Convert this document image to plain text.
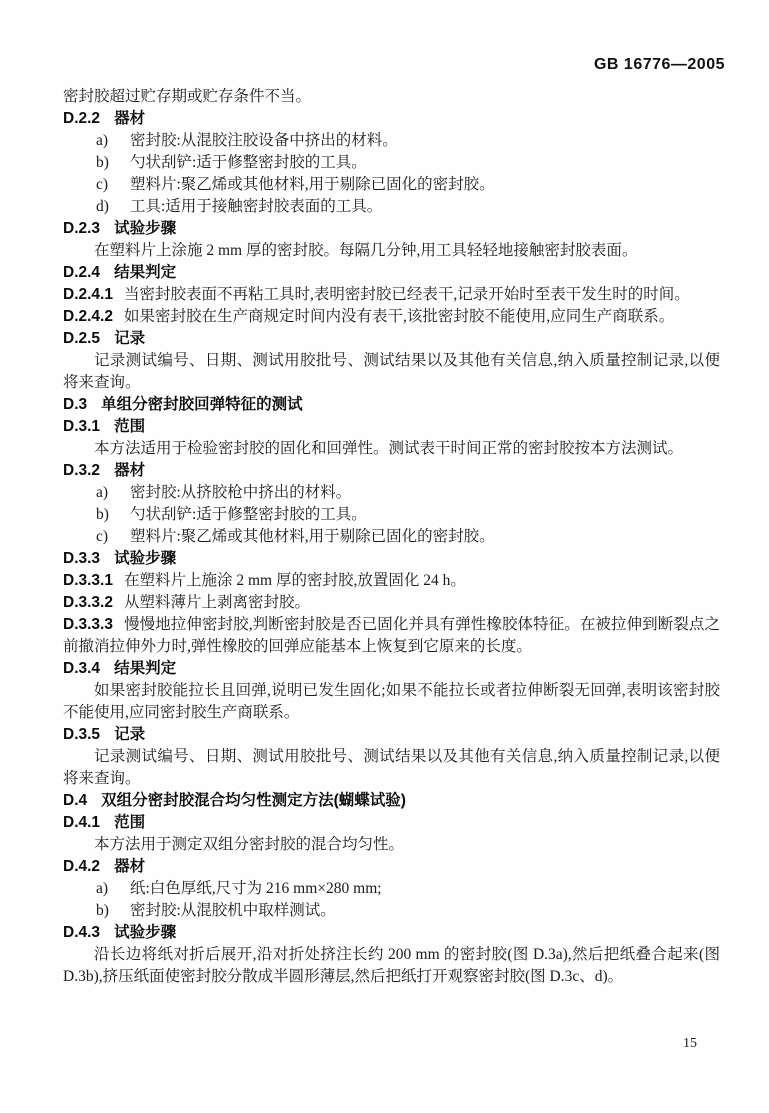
GB 16776—2005

密封胶超过贮存期或贮存条件不当。

D.2.2 器材

a)	密封胶:从混胶注胶设备中挤出的材料。
b)	勺状刮铲:适于修整密封胶的工具。
c)	塑料片:聚乙烯或其他材料,用于剔除已固化的密封胶。
d)	工具:适用于接触密封胶表面的工具。

D.2.3 试验步骤

在塑料片上涂施 2 mm 厚的密封胶。每隔几分钟,用工具轻轻地接触密封胶表面。

D.2.4 结果判定

D.2.4.1 当密封胶表面不再粘工具时,表明密封胶已经表干,记录开始时至表干发生时的时间。

D.2.4.2 如果密封胶在生产商规定时间内没有表干,该批密封胶不能使用,应同生产商联系。

D.2.5 记录

记录测试编号、日期、测试用胶批号、测试结果以及其他有关信息,纳入质量控制记录,以便将来查询。

D.3 单组分密封胶回弹特征的测试

D.3.1 范围

本方法适用于检验密封胶的固化和回弹性。测试表干时间正常的密封胶按本方法测试。

D.3.2 器材

a)	密封胶:从挤胶枪中挤出的材料。
b)	勺状刮铲:适于修整密封胶的工具。
c)	塑料片:聚乙烯或其他材料,用于剔除已固化的密封胶。

D.3.3 试验步骤

D.3.3.1 在塑料片上施涂 2 mm 厚的密封胶,放置固化 24 h。

D.3.3.2 从塑料薄片上剥离密封胶。

D.3.3.3 慢慢地拉伸密封胶,判断密封胶是否已固化并具有弹性橡胶体特征。在被拉伸到断裂点之前撤消拉伸外力时,弹性橡胶的回弹应能基本上恢复到它原来的长度。

D.3.4 结果判定

如果密封胶能拉长且回弹,说明已发生固化;如果不能拉长或者拉伸断裂无回弹,表明该密封胶不能使用,应同密封胶生产商联系。

D.3.5 记录

记录测试编号、日期、测试用胶批号、测试结果以及其他有关信息,纳入质量控制记录,以便将来查询。

D.4 双组分密封胶混合均匀性测定方法(蝴蝶试验)

D.4.1 范围

本方法用于测定双组分密封胶的混合均匀性。

D.4.2 器材

a)	纸:白色厚纸,尺寸为 216 mm×280 mm;
b)	密封胶:从混胶机中取样测试。

D.4.3 试验步骤

沿长边将纸对折后展开,沿对折处挤注长约 200 mm 的密封胶(图 D.3a),然后把纸叠合起来(图 D.3b),挤压纸面使密封胶分散成半圆形薄层,然后把纸打开观察密封胶(图 D.3c、d)。

15
